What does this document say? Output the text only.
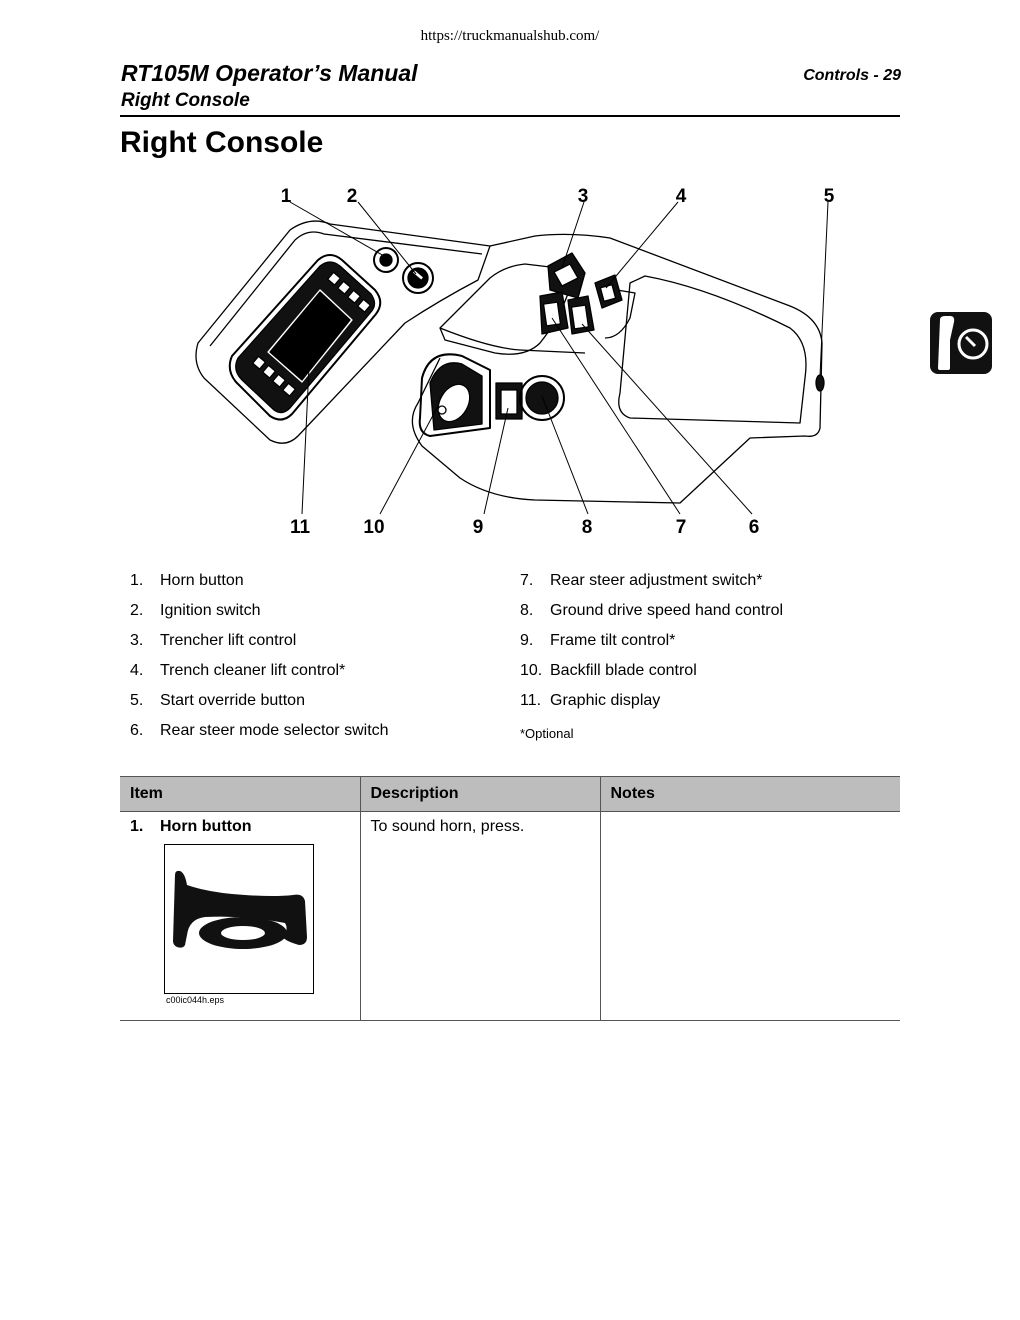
https://truckmanualshub.com/
RT105M Operator’s Manual
Right Console
Controls - 29
Right Console
1	2	3	4	5
11	10	9	8	7	6
1.	Horn button
2.	Ignition switch
3.	Trencher lift control
4.	Trench cleaner lift control*
5.	Start override button
6.	Rear steer mode selector switch
7.	Rear steer adjustment switch*
8.	Ground drive speed hand control
9.	Frame tilt control*
10. Backfill blade control
11. Graphic display
*Optional
Item	Description	Notes

1. Horn button
c00ic044h.eps	To sound horn, press.	
